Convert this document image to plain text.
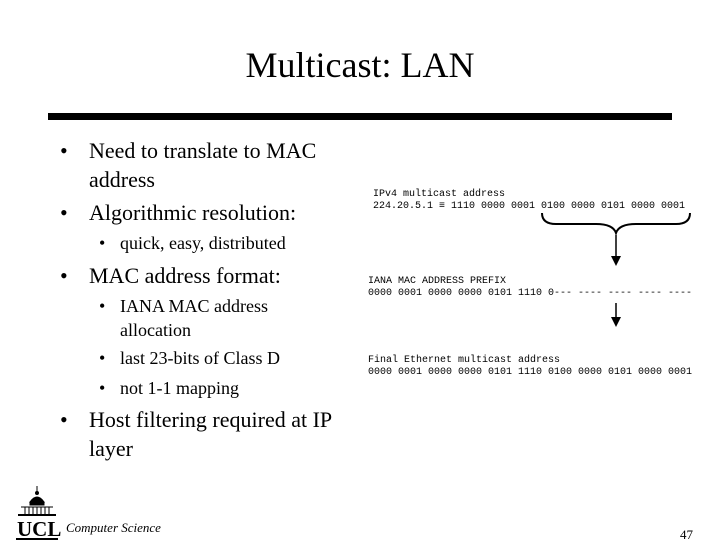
Multicast: LAN
• Need to translate to MAC address
• Algorithmic resolution:
• quick, easy, distributed
• MAC address format:
• IANA MAC address allocation
• last 23-bits of Class D
• not 1-1 mapping
• Host filtering required at IP layer
IPv4 multicast address
224.20.5.1 ≡ 1110 0000 0001 0100 0000 0101 0000 0001
IANA MAC ADDRESS PREFIX
0000 0001 0000 0000 0101 1110 0--- ---- ---- ---- ----
Final Ethernet multicast address
0000 0001 0000 0000 0101 1110 0100 0000 0101 0000 0001
UCL Computer Science	47
